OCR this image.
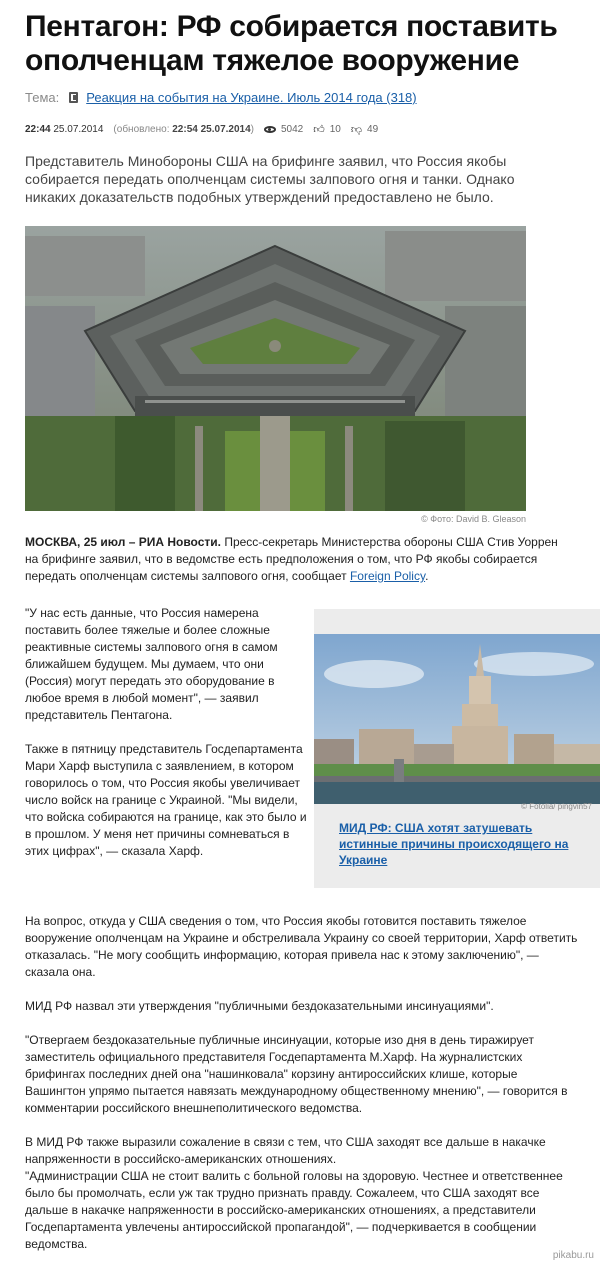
Пентагон: РФ собирается поставить ополченцам тяжелое вооружение
Тема: Реакция на события на Украине. Июль 2014 года (318)
22:44
25.07.2014 (обновлено: 22:54 25.07.2014)	5042 👍︎ 10 👎︎ 49

Представитель Минобороны США на брифинге заявил, что Россия якобы собирается передать ополченцам системы залпового огня и танки. Однако никаких доказательств подобных утверждений предоставлено не было.

© Фото: David B. Gleason

МОСКВА, 25 июл – РИА Новости. Пресс-секретарь Министерства обороны США Стив Уоррен на брифинге заявил, что в ведомстве есть предположения о том, что РФ якобы собирается передать ополченцам системы залпового огня, сообщает Foreign Policy.

"У нас есть данные, что Россия намерена поставить более тяжелые и более сложные реактивные системы залпового огня в самом ближайшем будущем. Мы думаем, что они (Россия) могут передать это оборудование в любое время в любой момент", — заявил представитель Пентагона.

Также в пятницу представитель Госдепартамента Мари Харф выступила с заявлением, в котором говорилось о том, что Россия якобы увеличивает число войск на границе с Украиной. "Мы видели, что войска собираются на границе, как это было и в прошлом. У меня нет причины сомневаться в этих цифрах", — сказала Харф.

© Fotolia/ pingvin57
МИД РФ: США хотят затушевать истинные причины происходящего на Украине

На вопрос, откуда у США сведения о том, что Россия якобы готовится поставить тяжелое вооружение ополченцам на Украине и обстреливала Украину со своей территории, Харф ответить отказалась. "Не могу сообщить информацию, которая привела нас к этому заключению", — сказала она.

МИД РФ назвал эти утверждения "публичными бездоказательными инсинуациями".

"Отвергаем бездоказательные публичные инсинуации, которые изо дня в день тиражирует заместитель официального представителя Госдепартамента М.Харф. На журналистских брифингах последних дней она "нашинковала" корзину антироссийских клише, которые Вашингтон упрямо пытается навязать международному общественному мнению", — говорится в комментарии российского внешнеполитического ведомства.

В МИД РФ также выразили сожаление в связи с тем, что США заходят все дальше в накачке напряженности в российско-американских отношениях.
"Администрации США не стоит валить с больной головы на здоровую. Честнее и ответственнее было бы промолчать, если уж так трудно признать правду. Сожалеем, что США заходят все дальше в накачке напряженности в российско-американских отношениях, а представители Госдепартамента увлечены антироссийской пропагандой", — подчеркивается в сообщении ведомства.
pikabu.ru
